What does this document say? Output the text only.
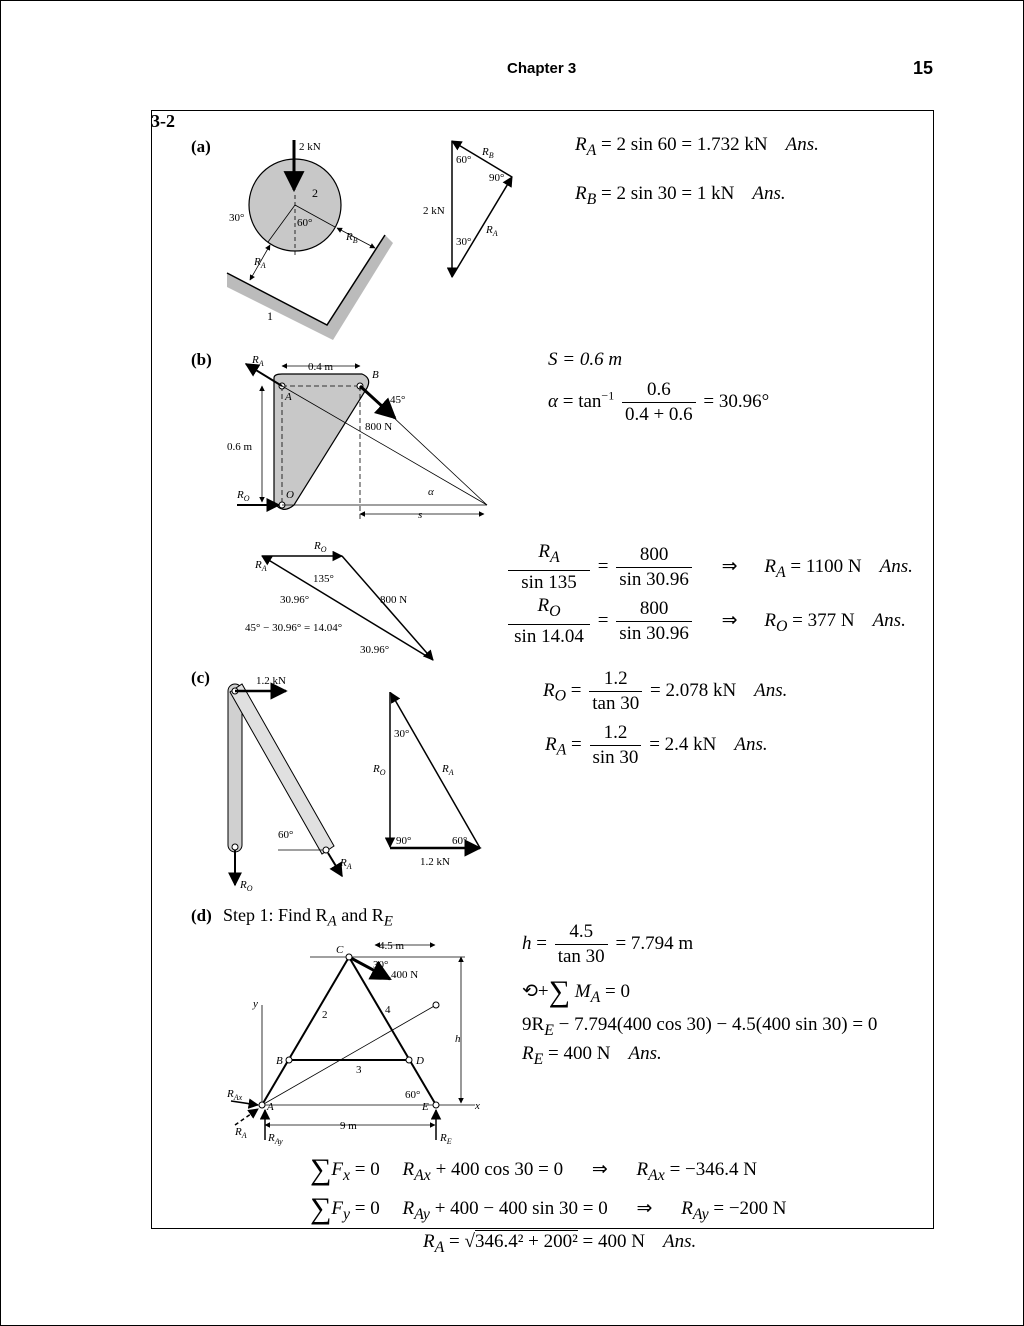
Chapter 3	15
3-2
(a)	2 kN
2
30°	60°
1
$R_A$
$R_B$
60°
90°
30°
2 kN
$R_B$
$R_A$
$R_A = 2$ sin 60 = 1.732 kN Ans.
$R_B = 2$ sin 30 = 1 kN Ans.
(b)	0.4 m
0.6 m
A
B
O
45°
800 N
α
s
$R_A$
$R_O$
S = 0.6 m
$\alpha = \tan^{-1} \frac{0.6}{0.4 + 0.6} = 30.96^\circ$
$R_O$
$R_A$
135°
30.96°	800 N
45° − 30.96° = 14.04°
30.96°
$\frac{R_A}{\sin 135} = \frac{800}{\sin 30.96}$ ⇒ $R_A = 1100$ N Ans.
$\frac{R_O}{\sin 14.04} = \frac{800}{\sin 30.96}$ ⇒ $R_O = 377$ N Ans.
(c)	1.2 kN
60°
$R_O$
$R_A$
30°
$R_O$	$R_A$
90°	60°
1.2 kN
$R_O = \frac{1.2}{\tan 30} = 2.078$ kN Ans.
$R_A = \frac{1.2}{\sin 30} = 2.4$ kN Ans.
(d) Step 1: Find $R_A$ and $R_E$
C	4.5 m
30°
400 N
y
2	4
h
B	D
3
$R_{Ax}$
A
60°
E	x
$R_A$
9 m
$R_{Ay}$	$R_E$
$h = \frac{4.5}{\tan 30} = 7.794$ m
⟲+∑ $M_A = 0$
$9R_E - 7.794(400$ cos 30) − 4.5(400 sin 30) = 0
$R_E = 400$ N Ans.
$\sum F_x = 0$ $R_{Ax} + 400$ cos 30 = 0 ⇒ $R_{Ax} = -346.4$ N
$\sum F_y = 0$ $R_{Ay} + 400 - 400$ sin 30 = 0 ⇒ $R_{Ay} = -200$ N
$R_A = √346.4^2 + 200^2 = 400$ N Ans.
